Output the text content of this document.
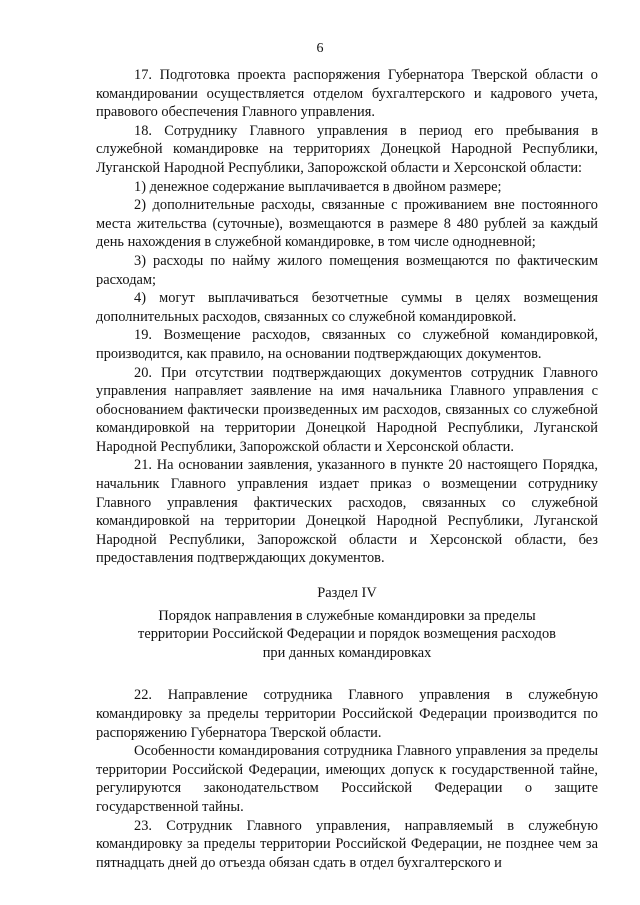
6

17. Подготовка проекта распоряжения Губернатора Тверской области о командировании осуществляется отделом бухгалтерского и кадрового учета, правового обеспечения Главного управления.

18. Сотруднику Главного управления в период его пребывания в служебной командировке на территориях Донецкой Народной Республики, Луганской Народной Республики, Запорожской области и Херсонской области:

1) денежное содержание выплачивается в двойном размере;

2) дополнительные расходы, связанные с проживанием вне постоянного места жительства (суточные), возмещаются в размере 8 480 рублей за каждый день нахождения в служебной командировке, в том числе однодневной;

3) расходы по найму жилого помещения возмещаются по фактическим расходам;

4) могут выплачиваться безотчетные суммы в целях возмещения дополнительных расходов, связанных со служебной командировкой.

19. Возмещение расходов, связанных со служебной командировкой, производится, как правило, на основании подтверждающих документов.

20. При отсутствии подтверждающих документов сотрудник Главного управления направляет заявление на имя начальника Главного управления с обоснованием фактически произведенных им расходов, связанных со служебной командировкой на территории Донецкой Народной Республики, Луганской Народной Республики, Запорожской области и Херсонской области.

21. На основании заявления, указанного в пункте 20 настоящего Порядка, начальник Главного управления издает приказ о возмещении сотруднику Главного управления фактических расходов, связанных со служебной командировкой на территории Донецкой Народной Республики, Луганской Народной Республики, Запорожской области и Херсонской области, без предоставления подтверждающих документов.

Раздел IV
Порядок направления в служебные командировки за пределы
территории Российской Федерации и порядок возмещения расходов
при данных командировках

22. Направление сотрудника Главного управления в служебную командировку за пределы территории Российской Федерации производится по распоряжению Губернатора Тверской области.

Особенности командирования сотрудника Главного управления за пределы территории Российской Федерации, имеющих допуск к государственной тайне, регулируются законодательством Российской Федерации о защите государственной тайны.

23. Сотрудник Главного управления, направляемый в служебную командировку за пределы территории Российской Федерации, не позднее чем за пятнадцать дней до отъезда обязан сдать в отдел бухгалтерского и
